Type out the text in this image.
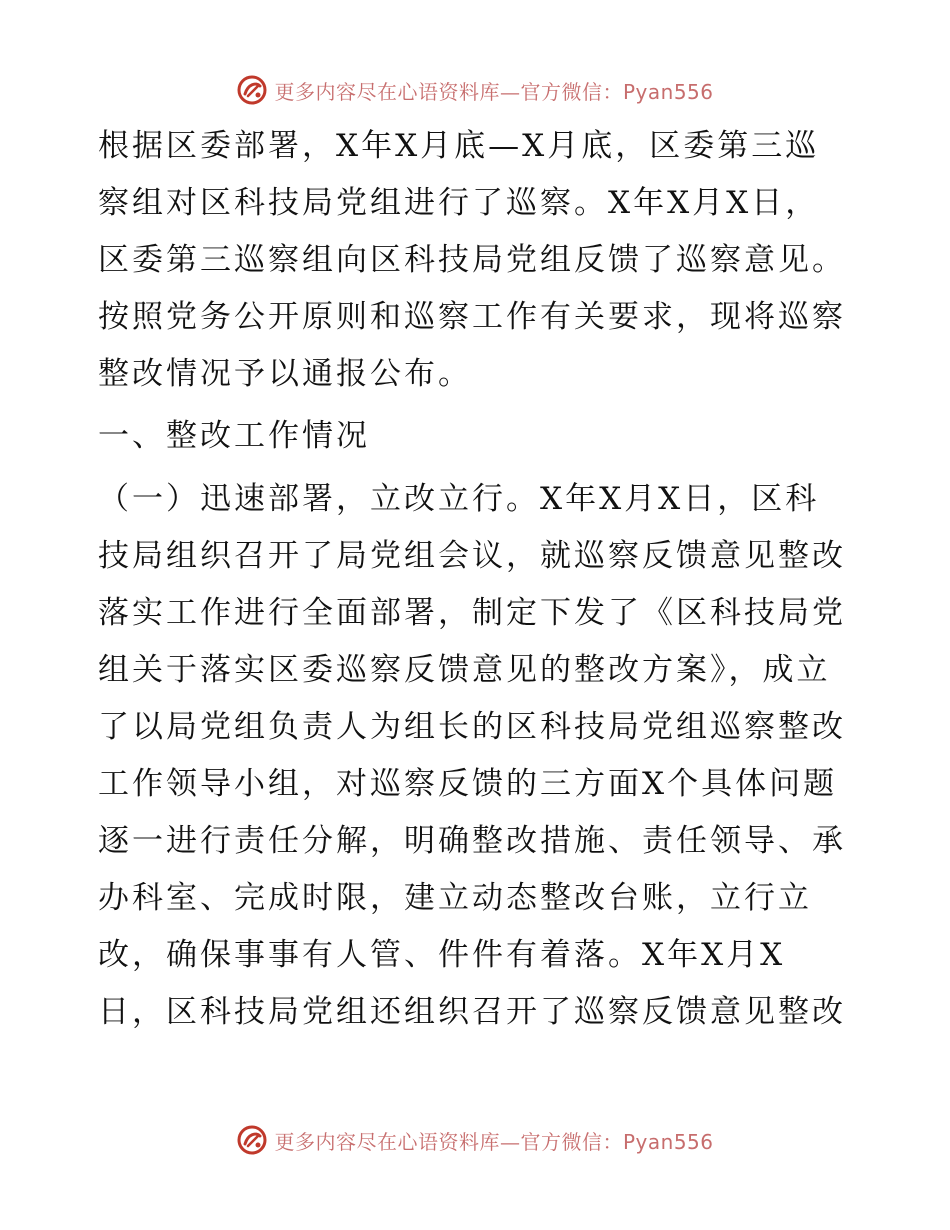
更多内容尽在心语资料库—官方微信：Pyan556

根据区委部署，X年X月底—X月底，区委第三巡
察组对区科技局党组进行了巡察。X年X月X日，
区委第三巡察组向区科技局党组反馈了巡察意见。
按照党务公开原则和巡察工作有关要求，现将巡察
整改情况予以通报公布。

一、整改工作情况

（一）迅速部署，立改立行。X年X月X日，区科
技局组织召开了局党组会议，就巡察反馈意见整改
落实工作进行全面部署，制定下发了《区科技局党
组关于落实区委巡察反馈意见的整改方案》，成立
了以局党组负责人为组长的区科技局党组巡察整改
工作领导小组，对巡察反馈的三方面X个具体问题
逐一进行责任分解，明确整改措施、责任领导、承
办科室、完成时限，建立动态整改台账，立行立
改，确保事事有人管、件件有着落。X年X月X
日，区科技局党组还组织召开了巡察反馈意见整改

更多内容尽在心语资料库—官方微信：Pyan556
